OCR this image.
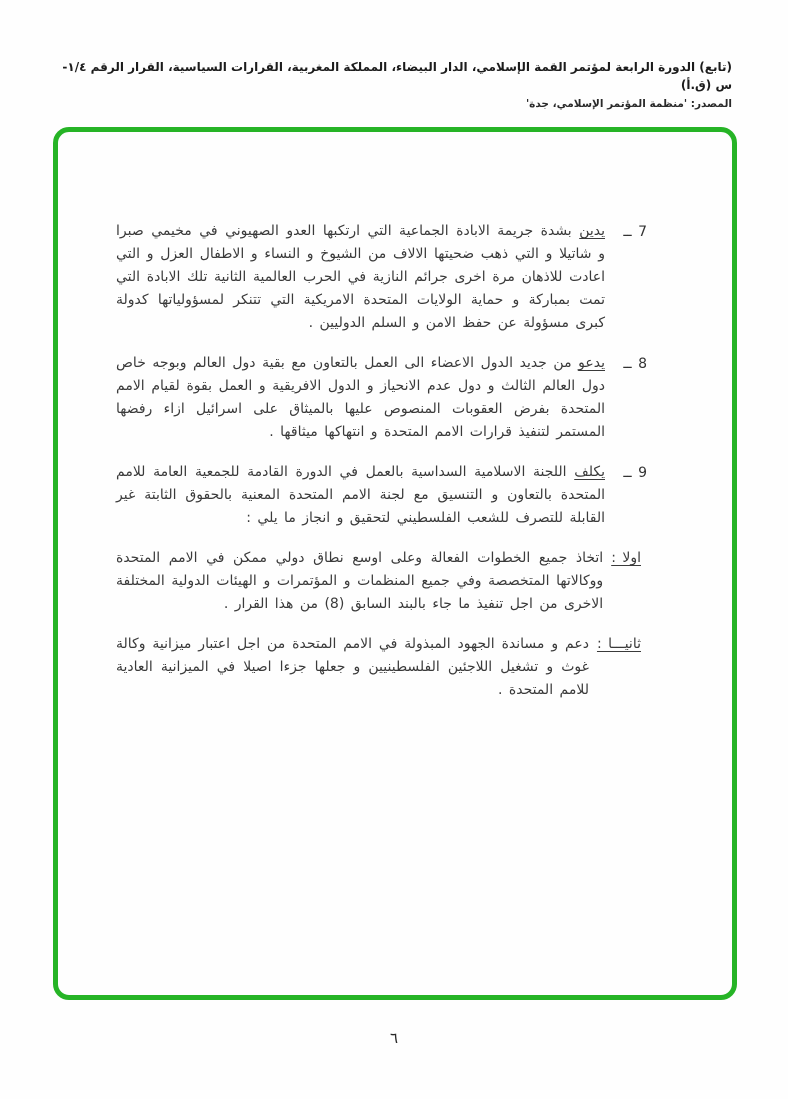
(تابع) الدورة الرابعة لمؤتمر القمة الإسلامي، الدار البيضاء، المملكة المغربية، القرارات السياسية، القرار الرقم ١/٤-س (ق.أ)
المصدر: 'منظمة المؤتمر الإسلامي، جدة'
7 ــ
يدين بشدة جريمة الابادة الجماعية التي ارتكبها العدو الصهيوني في مخيمي صبرا و شاتيلا و التي ذهب ضحيتها الالاف من الشيوخ و النساء و الاطفال العزل و التي اعادت للاذهان مرة اخرى جرائم النازية في الحرب العالمية الثانية تلك الابادة التي تمت بمباركة و حماية الولايات المتحدة الامريكية التي تتنكر لمسؤولياتها كدولة كبرى مسؤولة عن حفظ الامن و السلم الدوليين .
8 ــ
يدعو من جديد الدول الاعضاء الى العمل بالتعاون مع بقية دول العالم وبوجه خاص دول العالم الثالث و دول عدم الانحياز و الدول الافريقية و العمل بقوة لقيام الامم المتحدة بفرض العقوبات المنصوص عليها بالميثاق على اسرائيل ازاء رفضها المستمر لتنفيذ قرارات الامم المتحدة و انتهاكها ميثاقها .
9 ــ
يكلف اللجنة الاسلامية السداسية بالعمل في الدورة القادمة للجمعية العامة للامم المتحدة بالتعاون و التنسيق مع لجنة الامم المتحدة المعنية بالحقوق الثابتة غير القابلة للتصرف للشعب الفلسطيني لتحقيق و انجاز ما يلي :
اولا :
اتخاذ جميع الخطوات الفعالة وعلى اوسع نطاق دولي ممكن في الامم المتحدة ووكالاتها المتخصصة وفي جميع المنظمات و المؤتمرات و الهيئات الدولية المختلفة الاخرى من اجل تنفيذ ما جاء بالبند السابق (8) من هذا القرار .
ثانيـــا :
دعم و مساندة الجهود المبذولة في الامم المتحدة من اجل اعتبار ميزانية وكالة غوث و تشغيل اللاجئين الفلسطينيين و جعلها جزءا اصيلا في الميزانية العادية للامم المتحدة .
٦
